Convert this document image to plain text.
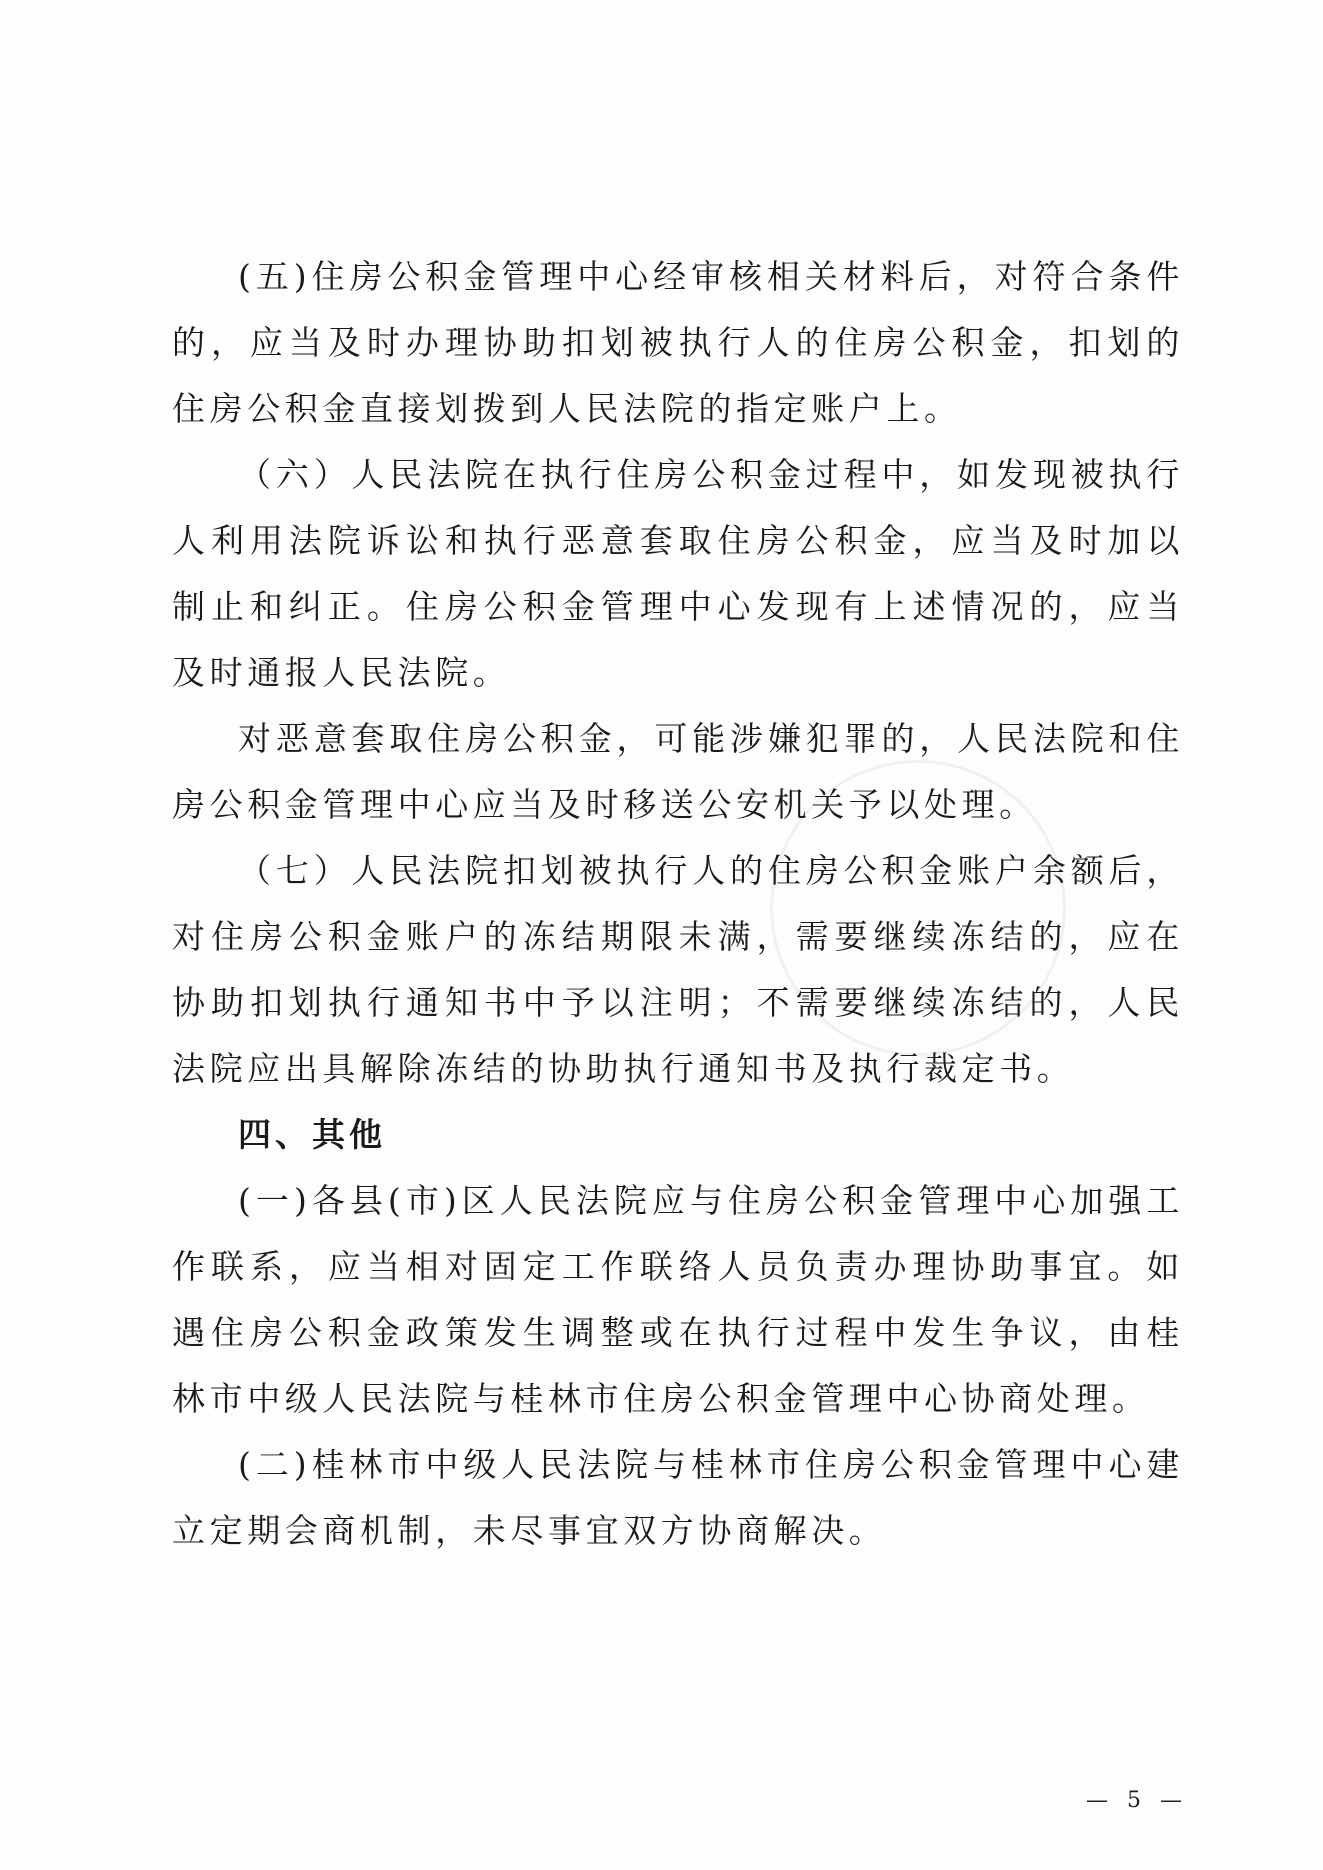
(五)住房公积金管理中心经审核相关材料后，对符合条件的，应当及时办理协助扣划被执行人的住房公积金，扣划的住房公积金直接划拨到人民法院的指定账户上。

（六）人民法院在执行住房公积金过程中，如发现被执行人利用法院诉讼和执行恶意套取住房公积金，应当及时加以制止和纠正。住房公积金管理中心发现有上述情况的，应当及时通报人民法院。

对恶意套取住房公积金，可能涉嫌犯罪的，人民法院和住房公积金管理中心应当及时移送公安机关予以处理。

（七）人民法院扣划被执行人的住房公积金账户余额后，对住房公积金账户的冻结期限未满，需要继续冻结的，应在协助扣划执行通知书中予以注明；不需要继续冻结的，人民法院应出具解除冻结的协助执行通知书及执行裁定书。

四、其他

(一)各县(市)区人民法院应与住房公积金管理中心加强工作联系，应当相对固定工作联络人员负责办理协助事宜。如遇住房公积金政策发生调整或在执行过程中发生争议，由桂林市中级人民法院与桂林市住房公积金管理中心协商处理。

(二)桂林市中级人民法院与桂林市住房公积金管理中心建立定期会商机制，未尽事宜双方协商解决。

— 5 —
